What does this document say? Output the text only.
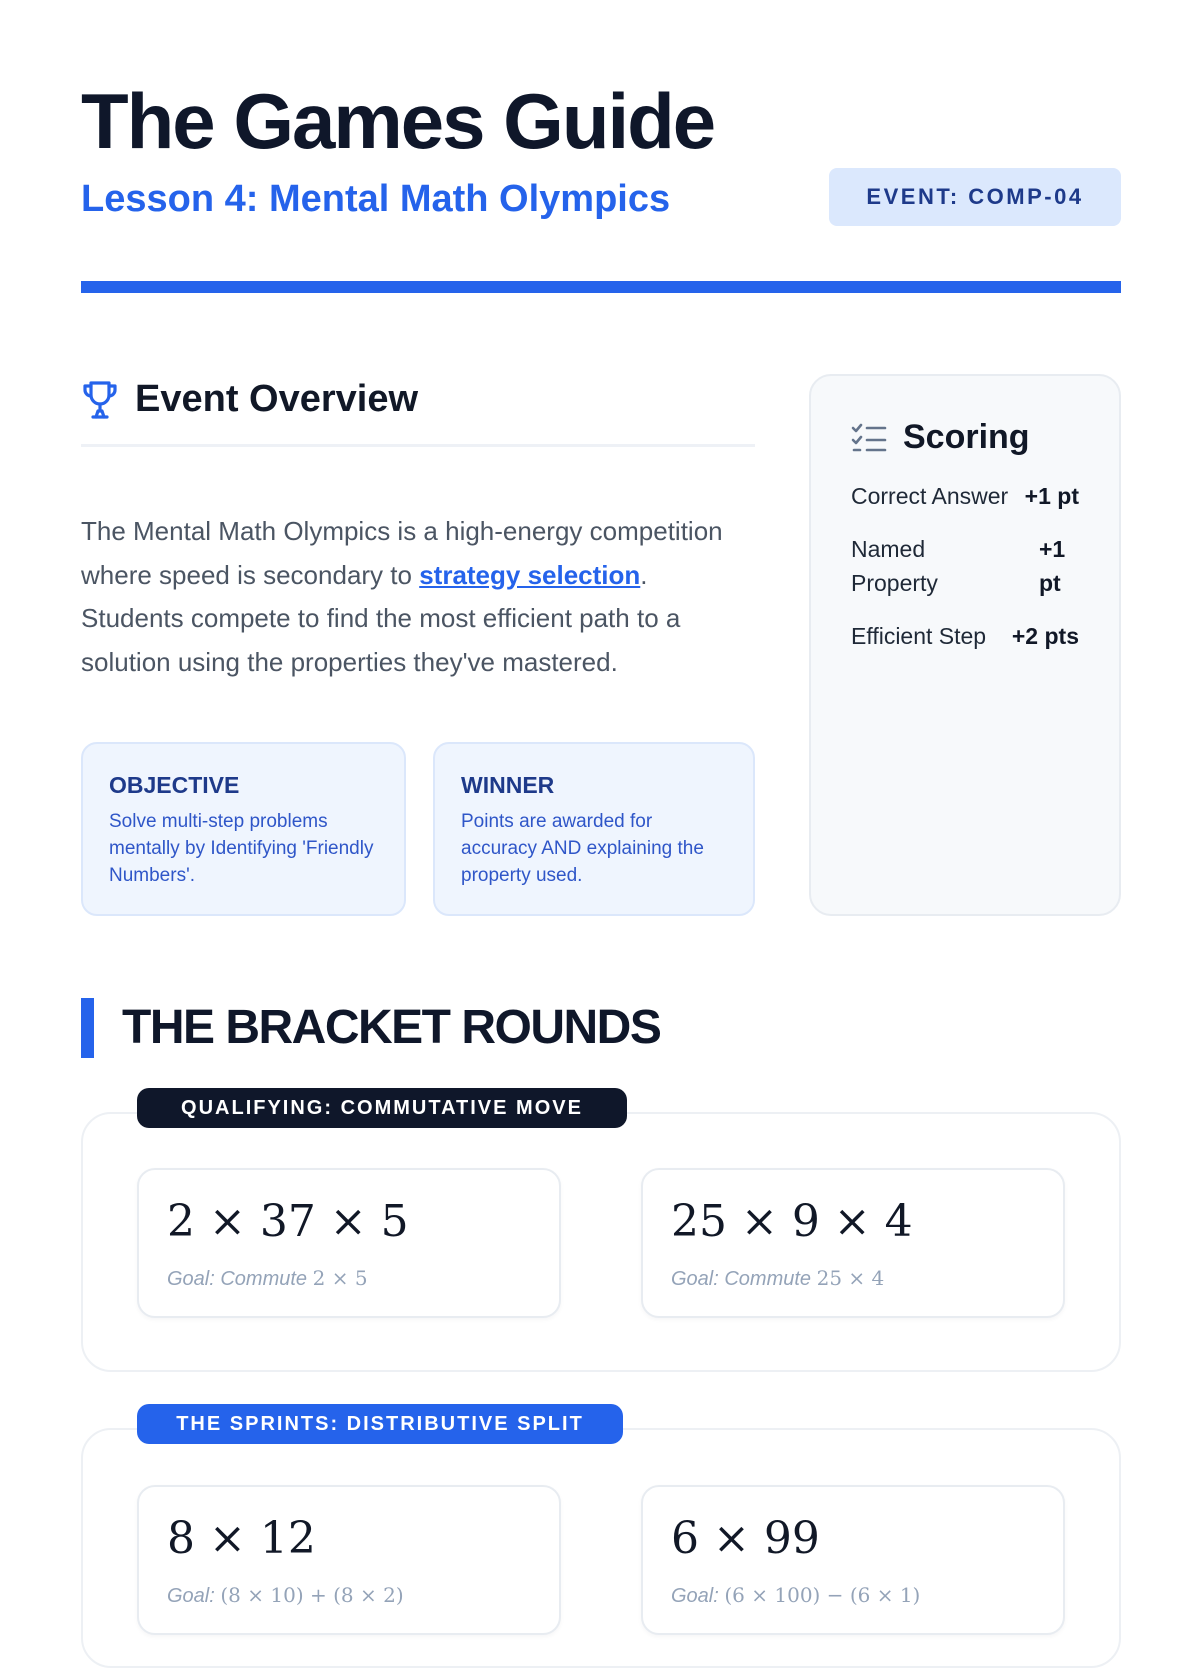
The Games Guide
Lesson 4: Mental Math Olympics	EVENT: COMP-04
Event Overview

The Mental Math Olympics is a high-energy competition where speed is secondary to strategy selection. Students compete to find the most efficient path to a solution using the properties they've mastered.

OBJECTIVE
Solve multi-step problems mentally by Identifying 'Friendly Numbers'.
WINNER
Points are awarded for accuracy AND explaining the property used.
Scoring
Correct Answer +1 pt
Named Property
+1 pt
Efficient Step +2 pts
THE BRACKET ROUNDS
QUALIFYING: COMMUTATIVE MOVE
2 × 37 × 5
Goal: Commute 2 × 5
25 × 9 × 4
Goal: Commute 25 × 4
THE SPRINTS: DISTRIBUTIVE SPLIT
8 × 12
Goal: (8 × 10) + (8 × 2)
6 × 99
Goal: (6 × 100) − (6 × 1)
